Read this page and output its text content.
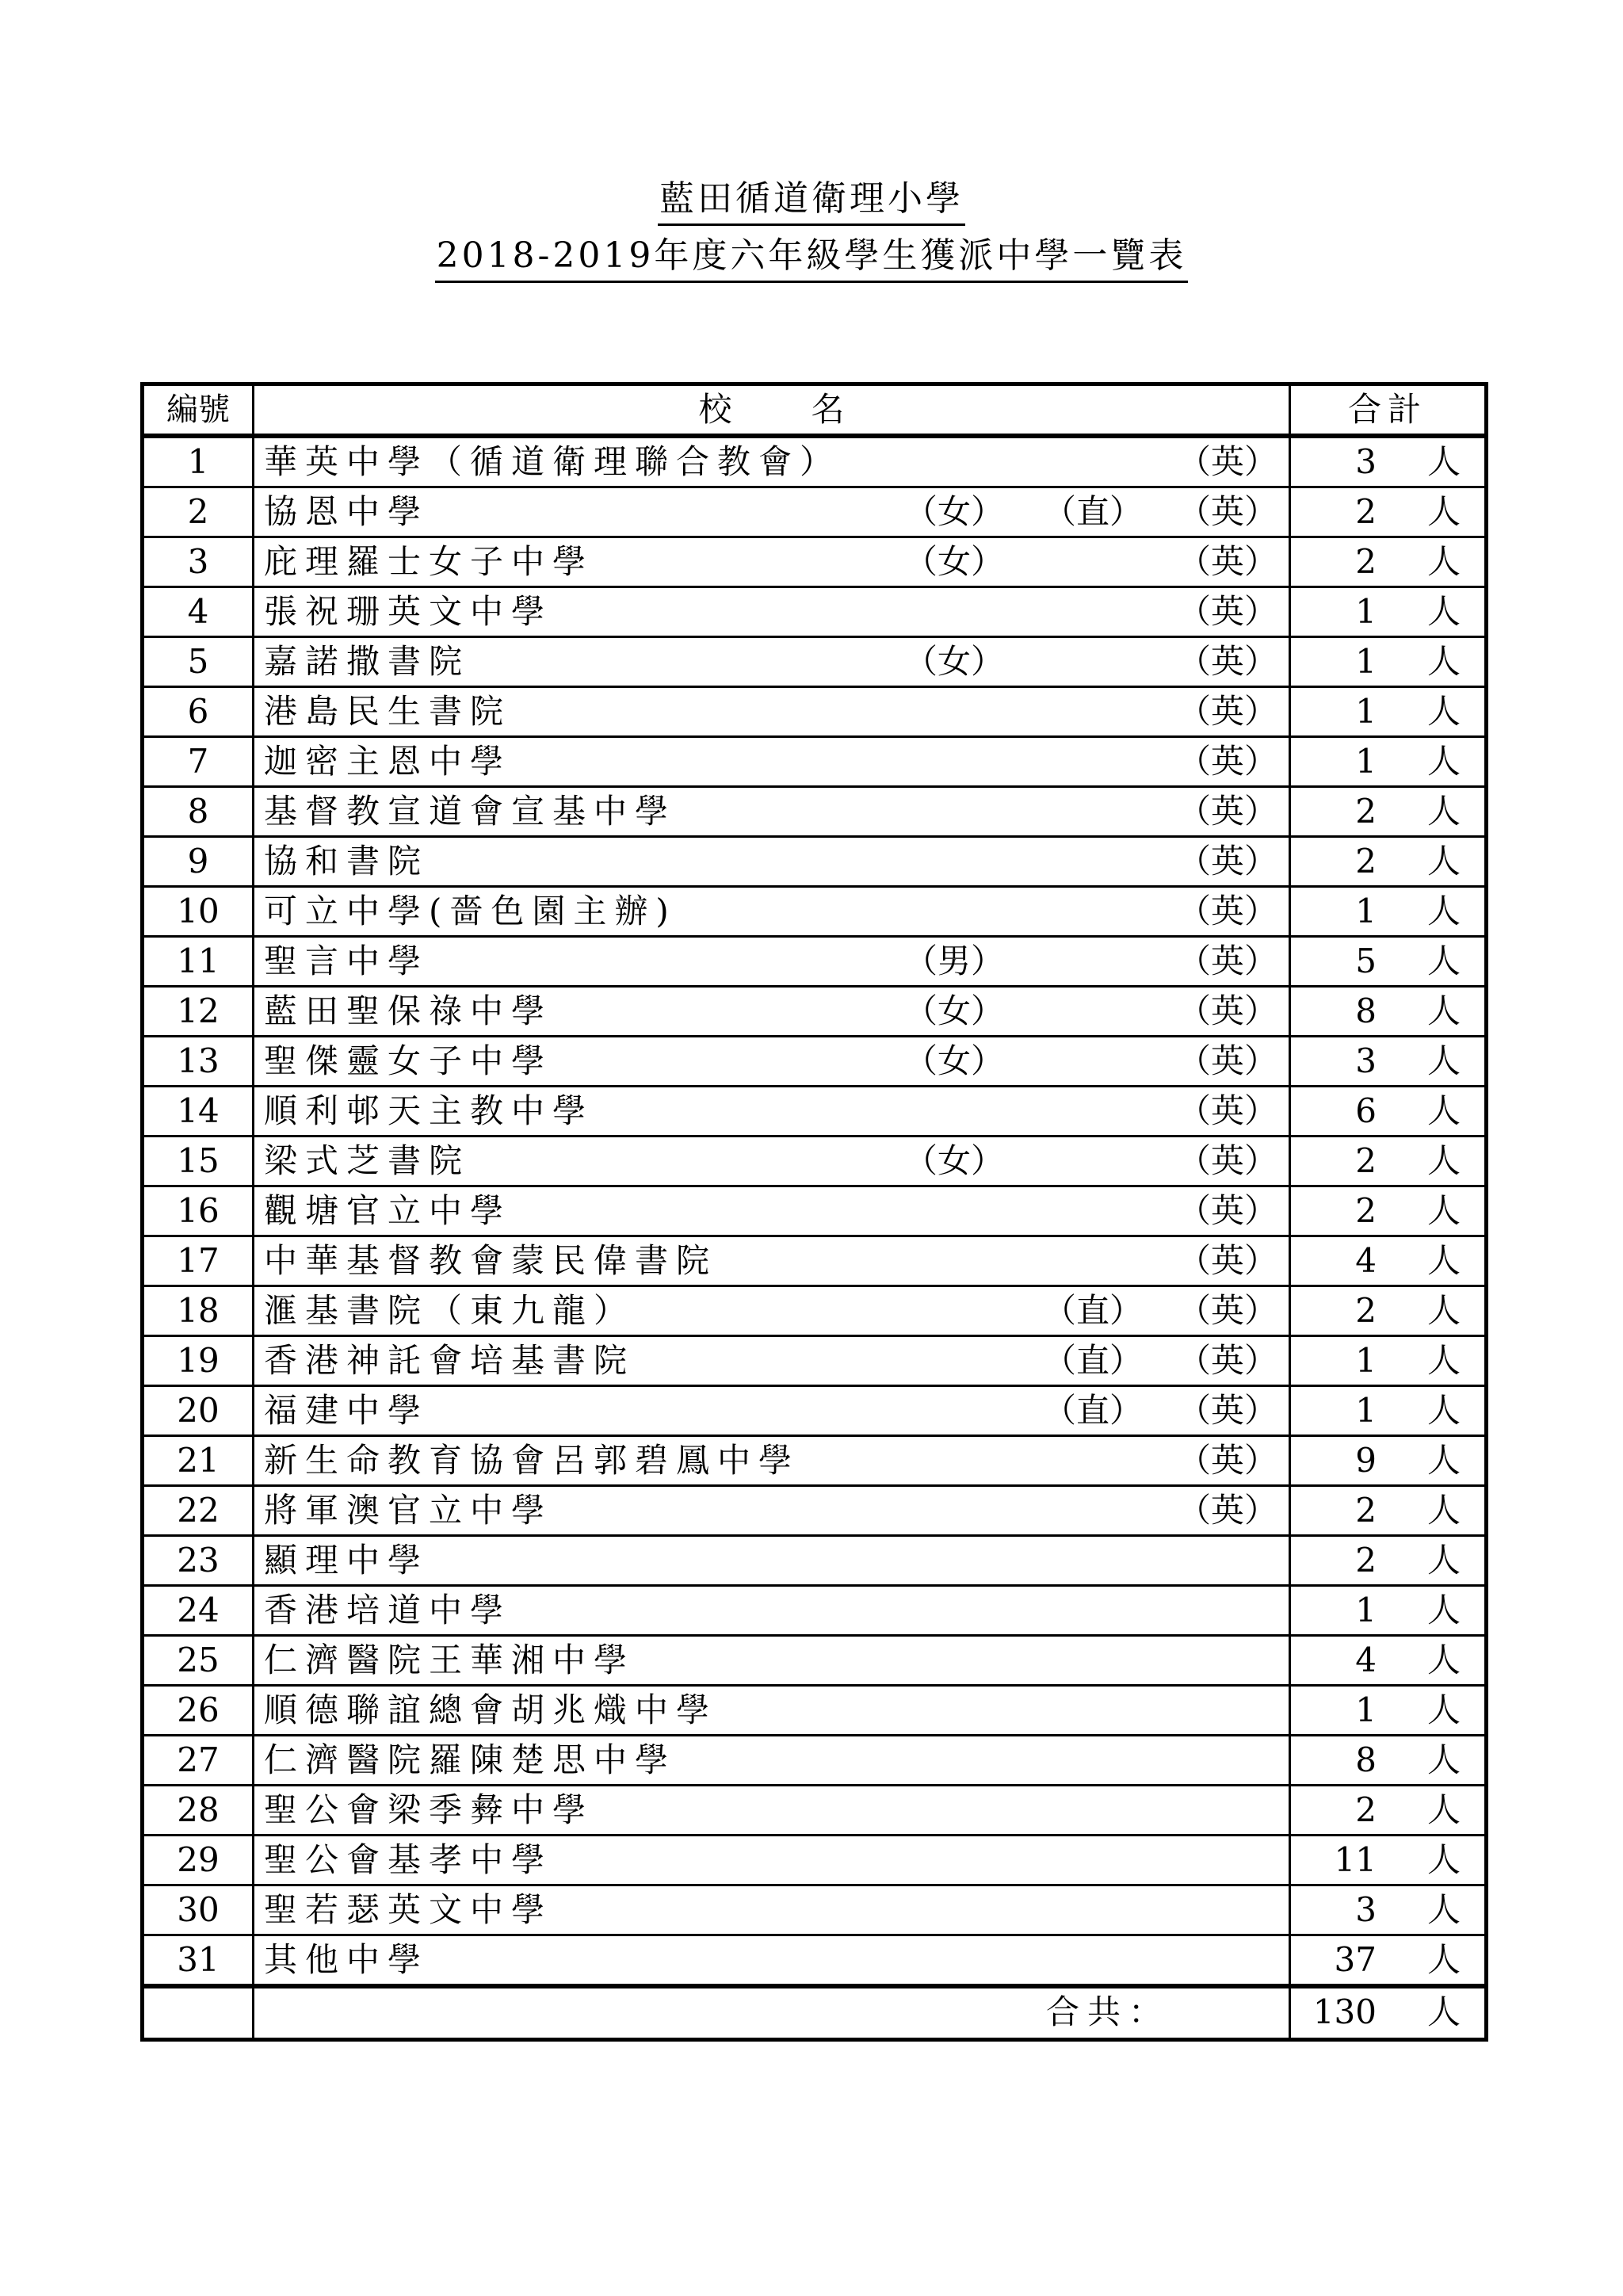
藍田循道衛理小學
2018-2019年度六年級學生獲派中學一覽表
編號	校 名	合計
1	華英中學（循道衛理聯合教會） （英）	3 人

2	協恩中學 （女） （直） （英）	2 人

3	庇理羅士女子中學 （女） （英）	2 人

4	張祝珊英文中學 （英）	1 人

5	嘉諾撒書院 （女） （英）	1 人

6	港島民生書院 （英）	1 人

7	迦密主恩中學 （英）	1 人

8	基督教宣道會宣基中學 （英）	2 人

9	協和書院 （英）	2 人

10	可立中學(嗇色園主辦) （英）	1 人

11	聖言中學 （男） （英）	5 人

12	藍田聖保祿中學 （女） （英）	8 人

13	聖傑靈女子中學 （女） （英）	3 人

14	順利邨天主教中學 （英）	6 人

15	梁式芝書院 （女） （英）	2 人

16	觀塘官立中學 （英）	2 人

17	中華基督教會蒙民偉書院 （英）	4 人

18	滙基書院（東九龍） （直） （英）	2 人

19	香港神託會培基書院 （直） （英）	1 人

20	福建中學 （直） （英）	1 人

21	新生命教育協會呂郭碧鳳中學 （英）	9 人

22	將軍澳官立中學 （英）	2 人

23	顯理中學	2 人

24	香港培道中學	1 人

25	仁濟醫院王華湘中學	4 人

26	順德聯誼總會胡兆熾中學	1 人

27	仁濟醫院羅陳楚思中學	8 人

28	聖公會梁季彜中學	2 人

29	聖公會基孝中學	11 人

30	聖若瑟英文中學	3 人

31	其他中學	37 人

	合共：	130 人
